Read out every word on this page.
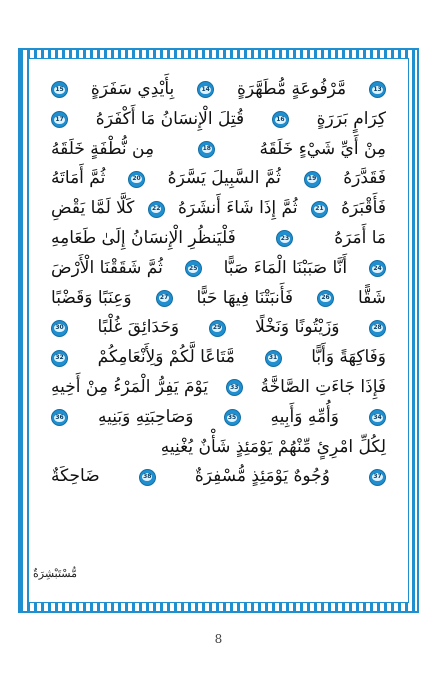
13
مَّرْفُوعَةٍ مُّطَهَّرَةٍ
14
بِأَيْدِي سَفَرَةٍ
15
كِرَامٍ بَرَرَةٍ
16
قُتِلَ الْإِنسَانُ مَا أَكْفَرَهُ
17
مِنْ أَيِّ شَيْءٍ خَلَقَهُ
18
مِن نُّطْفَةٍ خَلَقَهُ
فَقَدَّرَهُ
19
ثُمَّ السَّبِيلَ يَسَّرَهُ
20
ثُمَّ أَمَاتَهُ
فَأَقْبَرَهُ
21
ثُمَّ إِذَا شَاءَ أَنشَرَهُ
22
كَلَّا لَمَّا يَقْضِ
مَا أَمَرَهُ
23
فَلْيَنظُرِ الْإِنسَانُ إِلَىٰ طَعَامِهِ
24
أَنَّا صَبَبْنَا الْمَاءَ صَبًّا
25
ثُمَّ شَقَقْنَا الْأَرْضَ
شَقًّا
26
فَأَنبَتْنَا فِيهَا حَبًّا
27
وَعِنَبًا وَقَضْبًا
28
وَزَيْتُونًا وَنَخْلًا
29
وَحَدَائِقَ غُلْبًا
30
وَفَاكِهَةً وَأَبًّا
31
مَّتَاعًا لَّكُمْ وَلِأَنْعَامِكُمْ
32
فَإِذَا جَاءَتِ الصَّاخَّةُ
33
يَوْمَ يَفِرُّ الْمَرْءُ مِنْ أَخِيهِ
34
وَأُمِّهِ وَأَبِيهِ
35
وَصَاحِبَتِهِ وَبَنِيهِ
36
لِكُلِّ امْرِئٍ مِّنْهُمْ يَوْمَئِذٍ شَأْنٌ يُغْنِيهِ
37
وُجُوهٌ يَوْمَئِذٍ مُّسْفِرَةٌ
38
ضَاحِكَةٌ
مُّسْتَبْشِرَةٌ
8
